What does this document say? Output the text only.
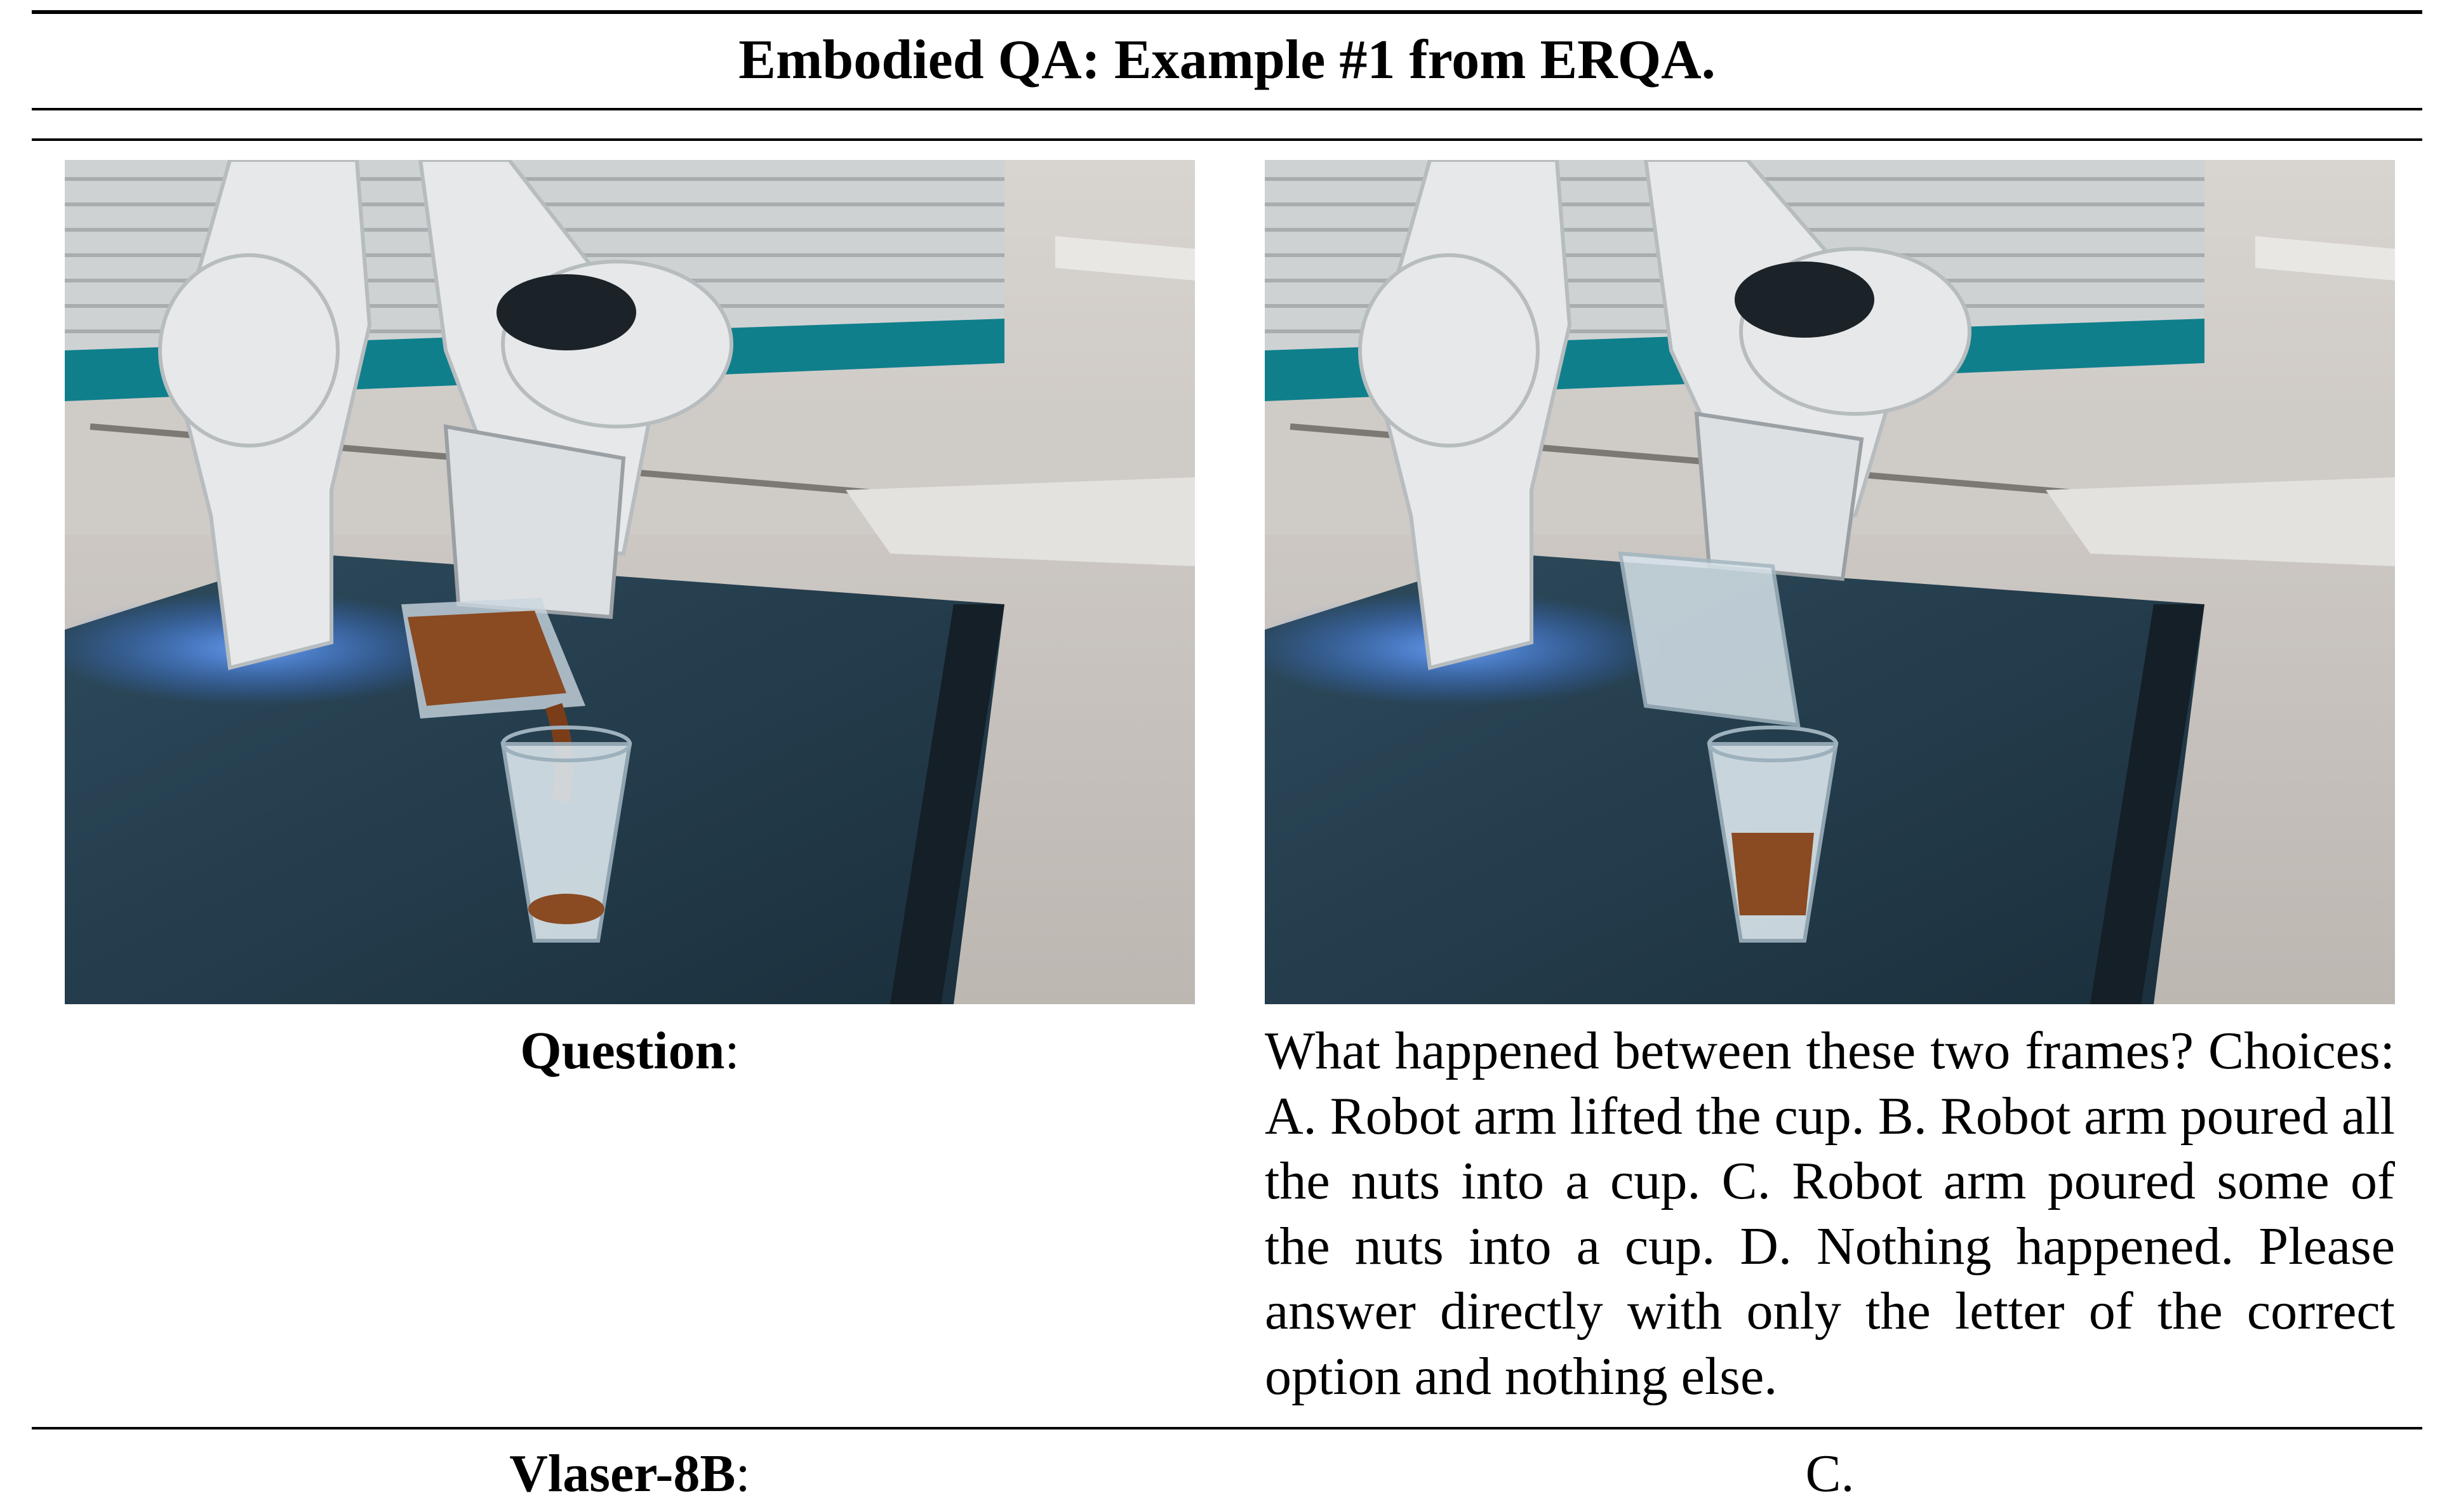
Embodied QA: Example #1 from ERQA.
Question:	What happened between these two frames? Choices: A. Robot arm lifted the cup. B. Robot arm poured all the nuts into a cup. C. Robot arm poured some of the nuts into a cup. D. Nothing happened. Please answer directly with only the letter of the correct option and nothing else.
Vlaser-8B:	C.
